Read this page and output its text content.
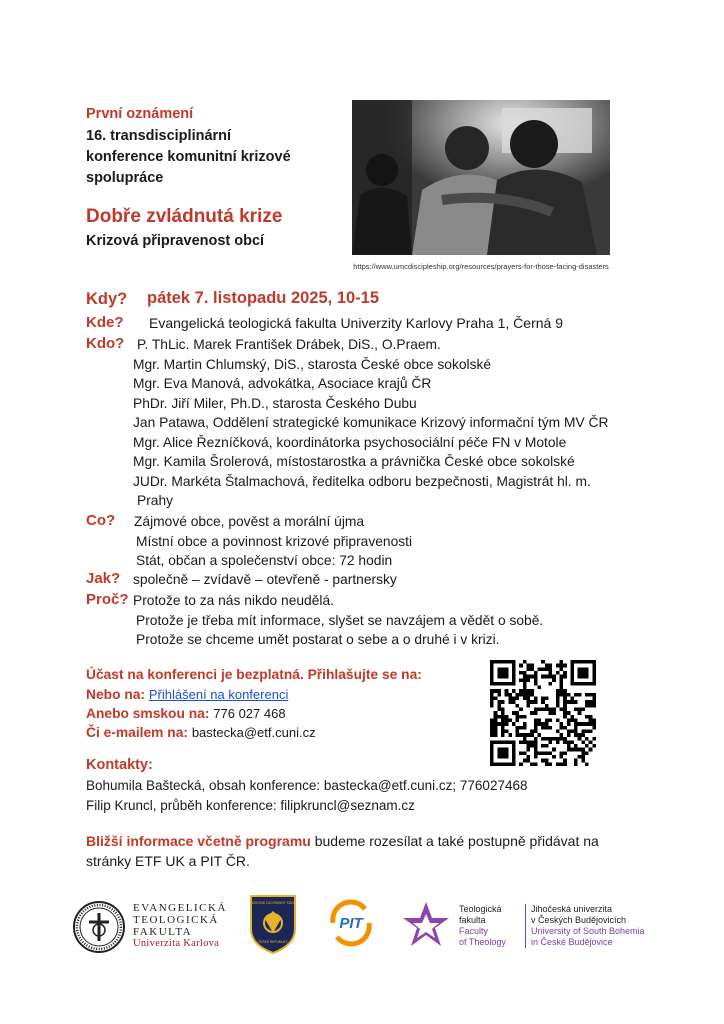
První oznámení
16. transdisciplinární
konference komunitní krizové
spolupráce
Dobře zvládnutá krize
Krizová připravenost obcí
https://www.umcdiscipleship.org/resources/prayers-for-those-facing-disasters
Kdy? pátek 7. listopadu 2025, 10-15
Kde? Evangelická teologická fakulta Univerzity Karlovy Praha 1, Černá 9
Kdo? P. ThLic. Marek František Drábek, DiS., O.Praem.
Mgr. Martin Chlumský, DiS., starosta České obce sokolské
Mgr. Eva Manová, advokátka, Asociace krajů ČR
PhDr. Jiří Miler, Ph.D., starosta Českého Dubu
Jan Patawa, Oddělení strategické komunikace Krizový informační tým MV ČR
Mgr. Alice Řezníčková, koordinátorka psychosociální péče FN v Motole
Mgr. Kamila Šrolerová, místostarostka a právnička České obce sokolské
JUDr. Markéta Štalmachová, ředitelka odboru bezpečnosti, Magistrát hl. m.
Prahy
Co? Zájmové obce, pověst a morální újma
Místní obce a povinnost krizové připravenosti
Stát, občan a společenství obce: 72 hodin
Jak? společně – zvídavě – otevřeně - partnersky
Proč? Protože to za nás nikdo neudělá.
Protože je třeba mít informace, slyšet se navzájem a vědět o sobě.
Protože se chceme umět postarat o sebe a o druhé i v krizi.
Účast na konferenci je bezplatná. Přihlašujte se na:
Nebo na: Přihlášení na konferenci
Anebo smskou na: 776 027 468
Či e-mailem na: bastecka@etf.cuni.cz
Kontakty:
Bohumila Baštecká, obsah konference: bastecka@etf.cuni.cz; 776027468
Filip Kruncl, průběh konference: filipkruncl@seznam.cz
Bližší informace včetně programu budeme rozesílat a také postupně přidávat na stránky ETF UK a PIT ČR.
EVANGELICKÁ
TEOLOGICKÁ
FAKULTA
Univerzita Karlova
NÁRODNÍ ZACHRANNÝ SBOR
ČESKÉ REPUBLIKY
PIT
Teologická
fakulta
Faculty
of Theology
Jihočeská univerzita
v Českých Budějovicích
University of South Bohemia
in České Budějovice
